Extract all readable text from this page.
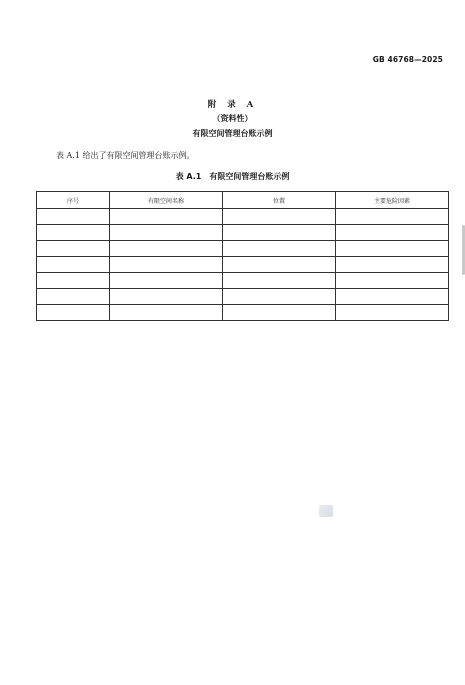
GB 46768—2025
附 录 A
（资料性）
有限空间管理台账示例
表 A.1 给出了有限空间管理台账示例。
表 A.1　有限空间管理台账示例
序号	有限空间名称	位置	主要危险因素
